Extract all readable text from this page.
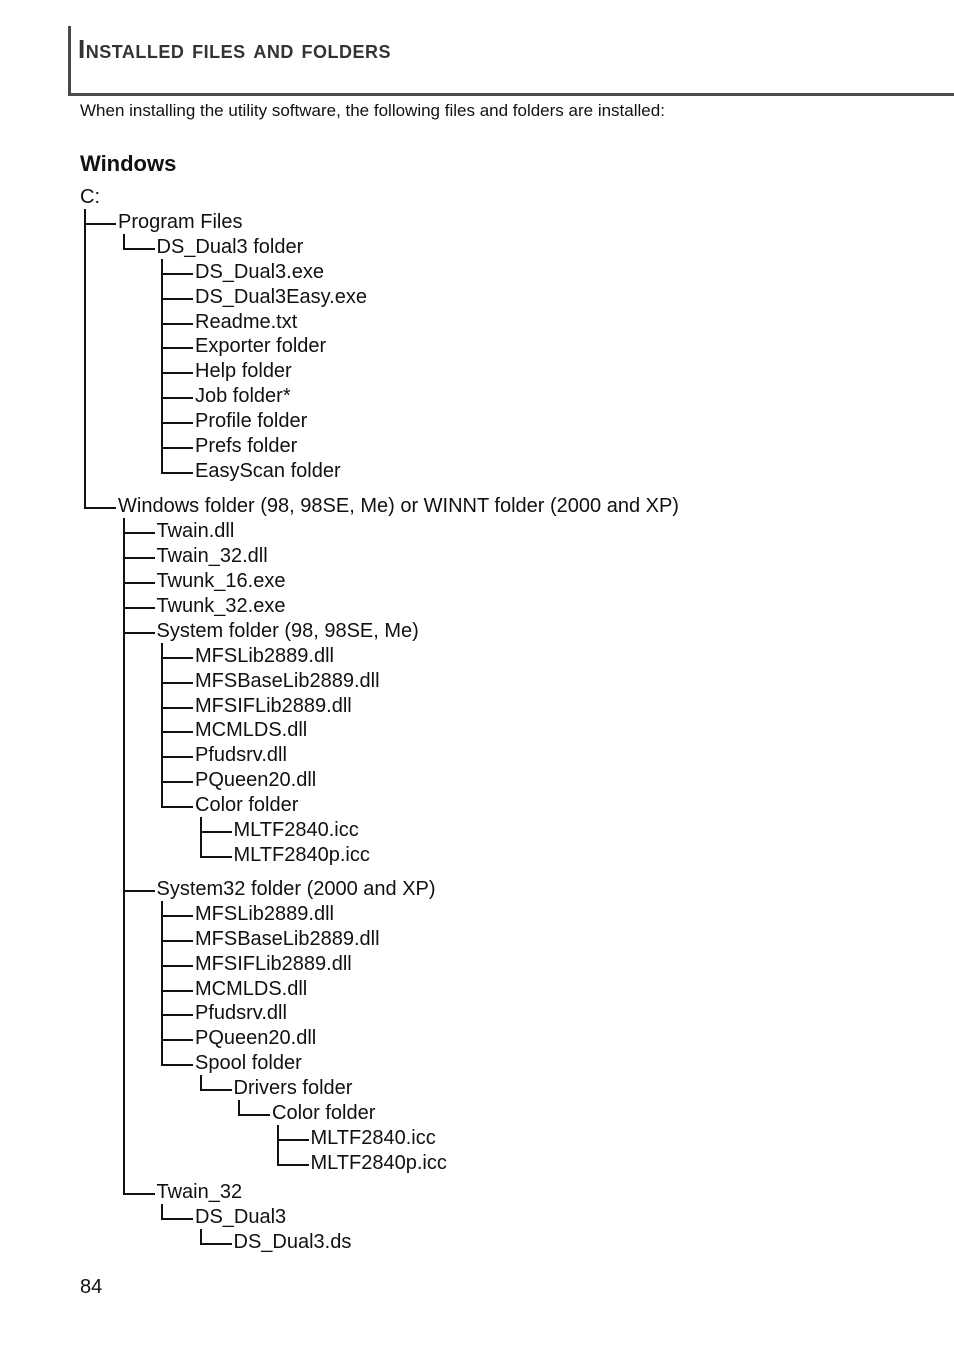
Installed files and folders
When installing the utility software, the following files and folders are installed:
Windows
C:
Program Files
DS_Dual3 folder
DS_Dual3.exe
DS_Dual3Easy.exe
Readme.txt
Exporter folder
Help folder
Job folder*
Profile folder
Prefs folder
EasyScan folder
Windows folder (98, 98SE, Me) or WINNT folder (2000 and XP)
Twain.dll
Twain_32.dll
Twunk_16.exe
Twunk_32.exe
System folder (98, 98SE, Me)
MFSLib2889.dll
MFSBaseLib2889.dll
MFSIFLib2889.dll
MCMLDS.dll
Pfudsrv.dll
PQueen20.dll
Color folder
MLTF2840.icc
MLTF2840p.icc
System32 folder (2000 and XP)
MFSLib2889.dll
MFSBaseLib2889.dll
MFSIFLib2889.dll
MCMLDS.dll
Pfudsrv.dll
PQueen20.dll
Spool folder
Drivers folder
Color folder
MLTF2840.icc
MLTF2840p.icc
Twain_32
DS_Dual3
DS_Dual3.ds
84
